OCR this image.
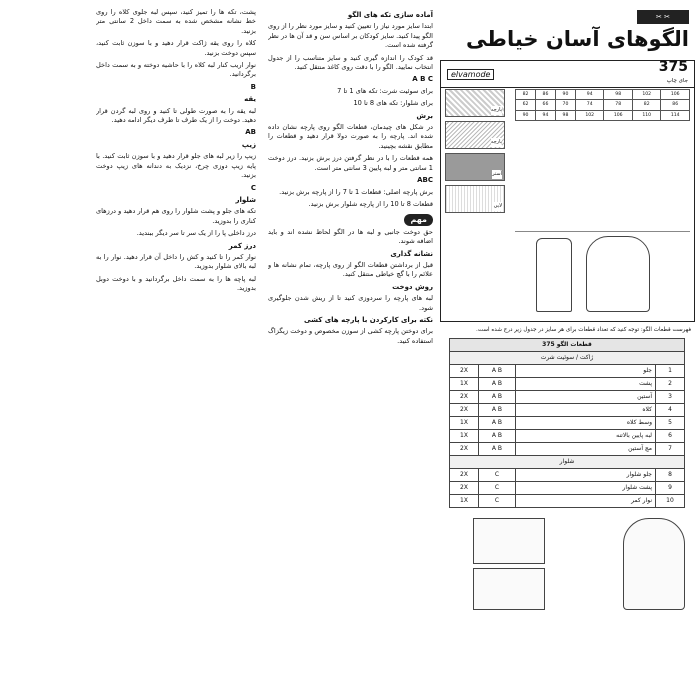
پشت، تکه ها را تمیز کنید، سپس لبه جلوی کلاه را روی خط نشانه مشخص شده به سمت داخل 2 سانتی متر بزنید.

کلاه را روی یقه ژاکت قرار دهید و با سوزن ثابت کنید، سپس دوخت بزنید.

نوار اریب کنار لبه کلاه را با حاشیه دوخته و به سمت داخل برگردانید.

B
یقه

لبه یقه را به صورت طولی تا کنید و روی لبه گردن قرار دهید. دوخت را از یک طرف تا طرف دیگر ادامه دهید.

AB
زیپ

زیپ را زیر لبه های جلو قرار دهید و با سوزن ثابت کنید. با پایه زیپ دوزی چرخ، نزدیک به دندانه های زیپ دوخت بزنید.

C
شلوار

تکه های جلو و پشت شلوار را روی هم قرار دهید و درزهای کناری را بدوزید.

درز داخلی پا را از یک سر تا سر دیگر ببندید.

درز کمر

نوار کمر را تا کنید و کش را داخل آن قرار دهید. نوار را به لبه بالای شلوار بدوزید.

لبه پاچه ها را به سمت داخل برگردانید و با دوخت دوبل بدوزید.

آماده سازی تکه های الگو

ابتدا سایز مورد نیاز را تعیین کنید و سایز مورد نظر را از روی الگو پیدا کنید. سایز کودکان بر اساس سن و قد آن ها در نظر گرفته شده است.

قد کودک را اندازه گیری کنید و سایز متناسب را از جدول انتخاب نمایید. الگو را با دقت روی کاغذ منتقل کنید.

A B C

برای سوئیت شرت: تکه های 1 تا 7

برای شلوار: تکه های 8 تا 10

برش

در شکل های چیدمان، قطعات الگو روی پارچه نشان داده شده اند. پارچه را به صورت دولا قرار دهید و قطعات را مطابق نقشه بچینید.

همه قطعات را با در نظر گرفتن درز برش بزنید. درز دوخت 1 سانتی متر و لبه پایین 3 سانتی متر است.

ABC

برش پارچه اصلی: قطعات 1 تا 7 را از پارچه برش بزنید.

قطعات 8 تا 10 را از پارچه شلوار برش بزنید.

مهم

حق دوخت جانبی و لبه ها در الگو لحاظ نشده اند و باید اضافه شوند.

نشانه گذاری

قبل از برداشتن قطعات الگو از روی پارچه، تمام نشانه ها و علائم را با گچ خیاطی منتقل کنید.

روش دوخت

لبه های پارچه را سردوزی کنید تا از ریش شدن جلوگیری شود.

نکته برای کارکردن با پارچه های کشی

برای دوختن پارچه کشی از سوزن مخصوص و دوخت زیگزاگ استفاده کنید.

✂ ✂
الگوهای آسان خیاطی
375
جای چاپ
elvamode
82	86	90	94	98	102	106
62	66	70	74	78	82	86
90	94	98	102	106	110	114
پارچه
پارچه
آستر
لایی
فهرست قطعات الگو: توجه کنید که تعداد قطعات برای هر سایز در جدول زیر درج شده است.
قطعات الگو 375			
ژاکت / سوئیت شرت			
1	جلو	A B	2X
2	پشت	A B	1X
3	آستین	A B	2X
4	کلاه	A B	2X
5	وسط کلاه	A B	1X
6	لبه پایین بالاتنه	A B	1X
7	مچ آستین	A B	2X
شلوار			
8	جلو شلوار	C	2X
9	پشت شلوار	C	2X
10	نوار کمر	C	1X
